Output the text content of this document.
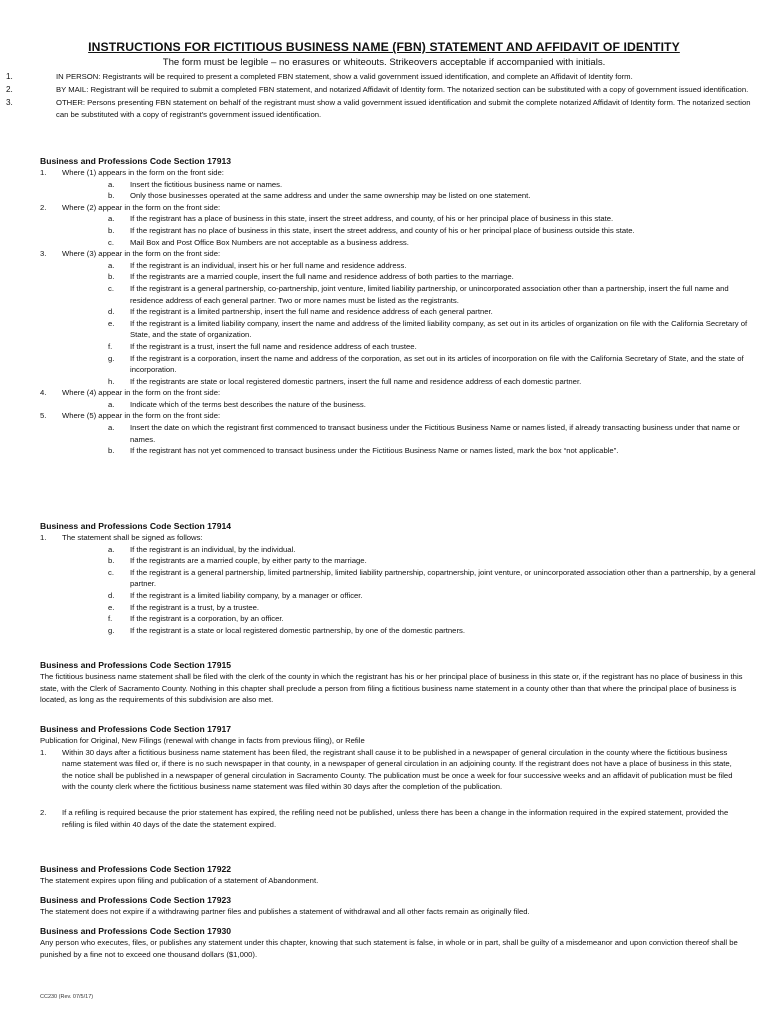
INSTRUCTIONS FOR FICTITIOUS BUSINESS NAME (FBN) STATEMENT AND AFFIDAVIT OF IDENTITY
The form must be legible – no erasures or whiteouts. Strikeovers acceptable if accompanied with initials.
1.	IN PERSON: Registrants will be required to present a completed FBN statement, show a valid government issued identification, and complete an Affidavit of Identity form.
2.	BY MAIL: Registrant will be required to submit a completed FBN statement, and notarized Affidavit of Identity form. The notarized section can be substituted with a copy of government issued identification.
3.	OTHER: Persons presenting FBN statement on behalf of the registrant must show a valid government issued identification and submit the complete notarized Affidavit of Identity form. The notarized section can be substituted with a copy of registrant's government issued identification.
Business and Professions Code Section 17913
1. Where (1) appears in the form on the front side:
a. Insert the fictitious business name or names.
b. Only those businesses operated at the same address and under the same ownership may be listed on one statement.
2. Where (2) appear in the form on the front side:
a. If the registrant has a place of business in this state, insert the street address, and county, of his or her principal place of business in this state.
b. If the registrant has no place of business in this state, insert the street address, and county of his or her principal place of business outside this state.
c. Mail Box and Post Office Box Numbers are not acceptable as a business address.
3. Where (3) appear in the form on the front side:
a. If the registrant is an individual, insert his or her full name and residence address.
b. If the registrants are a married couple, insert the full name and residence address of both parties to the marriage.
c. If the registrant is a general partnership, co-partnership, joint venture, limited liability partnership, or unincorporated association other than a partnership, insert the full name and residence address of each general partner. Two or more names must be listed as the registrants.
d. If the registrant is a limited partnership, insert the full name and residence address of each general partner.
e. If the registrant is a limited liability company, insert the name and address of the limited liability company, as set out in its articles of organization on file with the California Secretary of State, and the state of organization.
f. If the registrant is a trust, insert the full name and residence address of each trustee.
g. If the registrant is a corporation, insert the name and address of the corporation, as set out in its articles of incorporation on file with the California Secretary of State, and the state of incorporation.
h. If the registrants are state or local registered domestic partners, insert the full name and residence address of each domestic partner.
4. Where (4) appear in the form on the front side:
a. Indicate which of the terms best describes the nature of the business.
5. Where (5) appear in the form on the front side:
a. Insert the date on which the registrant first commenced to transact business under the Fictitious Business Name or names listed, if already transacting business under that name or names.
b. If the registrant has not yet commenced to transact business under the Fictitious Business Name or names listed, mark the box “not applicable”.
Business and Professions Code Section 17914
1. The statement shall be signed as follows:
a. If the registrant is an individual, by the individual.
b. If the registrants are a married couple, by either party to the marriage.
c. If the registrant is a general partnership, limited partnership, limited liability partnership, copartnership, joint venture, or unincorporated association other than a partnership, by a general partner.
d. If the registrant is a limited liability company, by a manager or officer.
e. If the registrant is a trust, by a trustee.
f. If the registrant is a corporation, by an officer.
g. If the registrant is a state or local registered domestic partnership, by one of the domestic partners.
Business and Professions Code Section 17915
The fictitious business name statement shall be filed with the clerk of the county in which the registrant has his or her principal place of business in this state or, if the registrant has no place of business in this state, with the Clerk of Sacramento County. Nothing in this chapter shall preclude a person from filing a fictitious business name statement in a county other than that where the principal place of business is located, as long as the requirements of this subdivision are also met.
Business and Professions Code Section 17917
Publication for Original, New Filings (renewal with change in facts from previous filing), or Refile
1. Within 30 days after a fictitious business name statement has been filed, the registrant shall cause it to be published in a newspaper of general circulation in the county where the fictitious business name statement was filed or, if there is no such newspaper in that county, in a newspaper of general circulation in an adjoining county. If the registrant does not have a place of business in this state, the notice shall be published in a newspaper of general circulation in Sacramento County. The publication must be once a week for four successive weeks and an affidavit of publication must be filed with the county clerk where the fictitious business name statement was filed within 30 days after the completion of the publication.
2. If a refiling is required because the prior statement has expired, the refiling need not be published, unless there has been a change in the information required in the expired statement, provided the refiling is filed within 40 days of the date the statement expired.
Business and Professions Code Section 17922
The statement expires upon filing and publication of a statement of Abandonment.
Business and Professions Code Section 17923
The statement does not expire if a withdrawing partner files and publishes a statement of withdrawal and all other facts remain as originally filed.
Business and Professions Code Section 17930
Any person who executes, files, or publishes any statement under this chapter, knowing that such statement is false, in whole or in part, shall be guilty of a misdemeanor and upon conviction thereof shall be punished by a fine not to exceed one thousand dollars ($1,000).
CC230 (Rev. 07/5/17)
